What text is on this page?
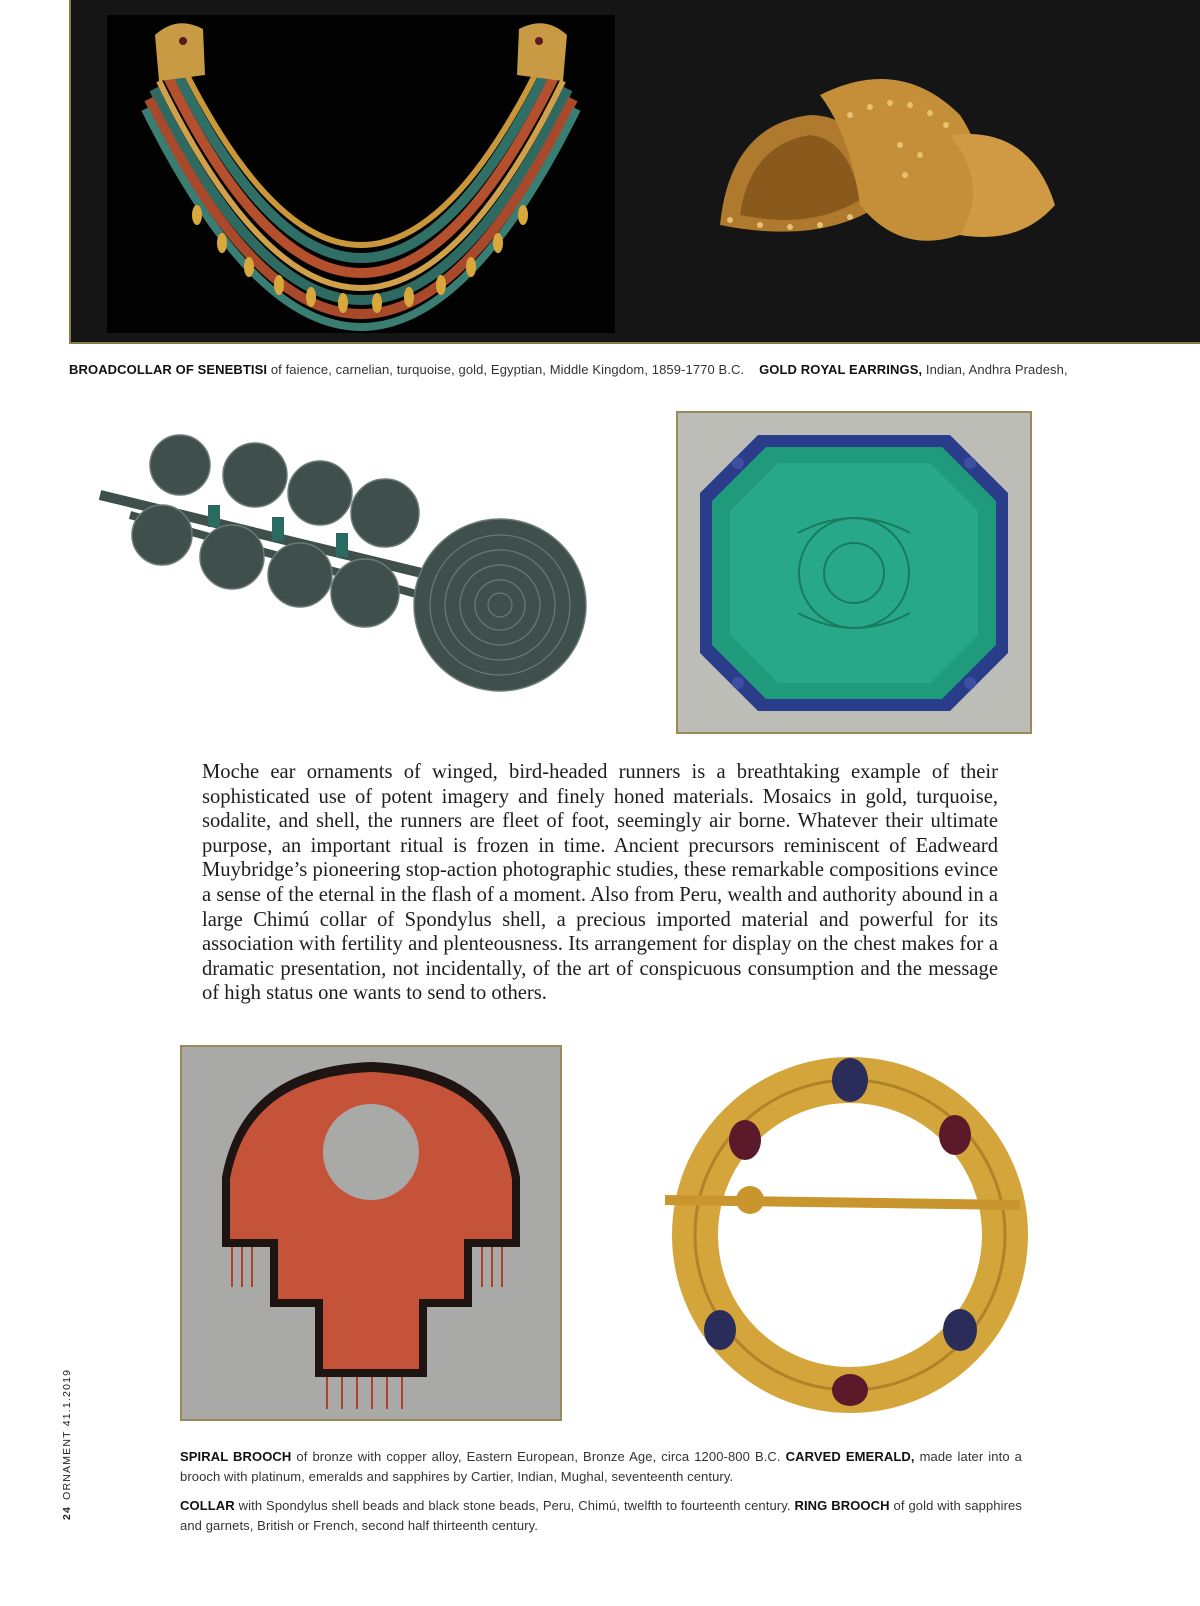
BROADCOLLAR OF SENEBTISI of faience, carnelian, turquoise, gold, Egyptian, Middle Kingdom, 1859-1770 B.C. GOLD ROYAL EARRINGS, Indian, Andhra Pradesh,
Moche ear ornaments of winged, bird-headed runners is a breathtaking example of their sophisticated use of potent imagery and finely honed materials. Mosaics in gold, turquoise, sodalite, and shell, the runners are fleet of foot, seemingly air borne. Whatever their ultimate purpose, an important ritual is frozen in time. Ancient precursors reminiscent of Eadweard Muybridge’s pioneering stop-action photographic studies, these remarkable compositions evince a sense of the eternal in the flash of a moment. Also from Peru, wealth and authority abound in a large Chimú collar of Spondylus shell, a precious imported material and powerful for its association with fertility and plenteousness. Its arrangement for display on the chest makes for a dramatic presentation, not incidentally, of the art of conspicuous consumption and the message of high status one wants to send to others.
SPIRAL BROOCH of bronze with copper alloy, Eastern European, Bronze Age, circa 1200-800 B.C. CARVED EMERALD, made later into a brooch with platinum, emeralds and sapphires by Cartier, Indian, Mughal, seventeenth century.
COLLAR with Spondylus shell beads and black stone beads, Peru, Chimú, twelfth to fourteenth century. RING BROOCH of gold with sapphires and garnets, British or French, second half thirteenth century.
24ORNAMENT 41.1.2019
